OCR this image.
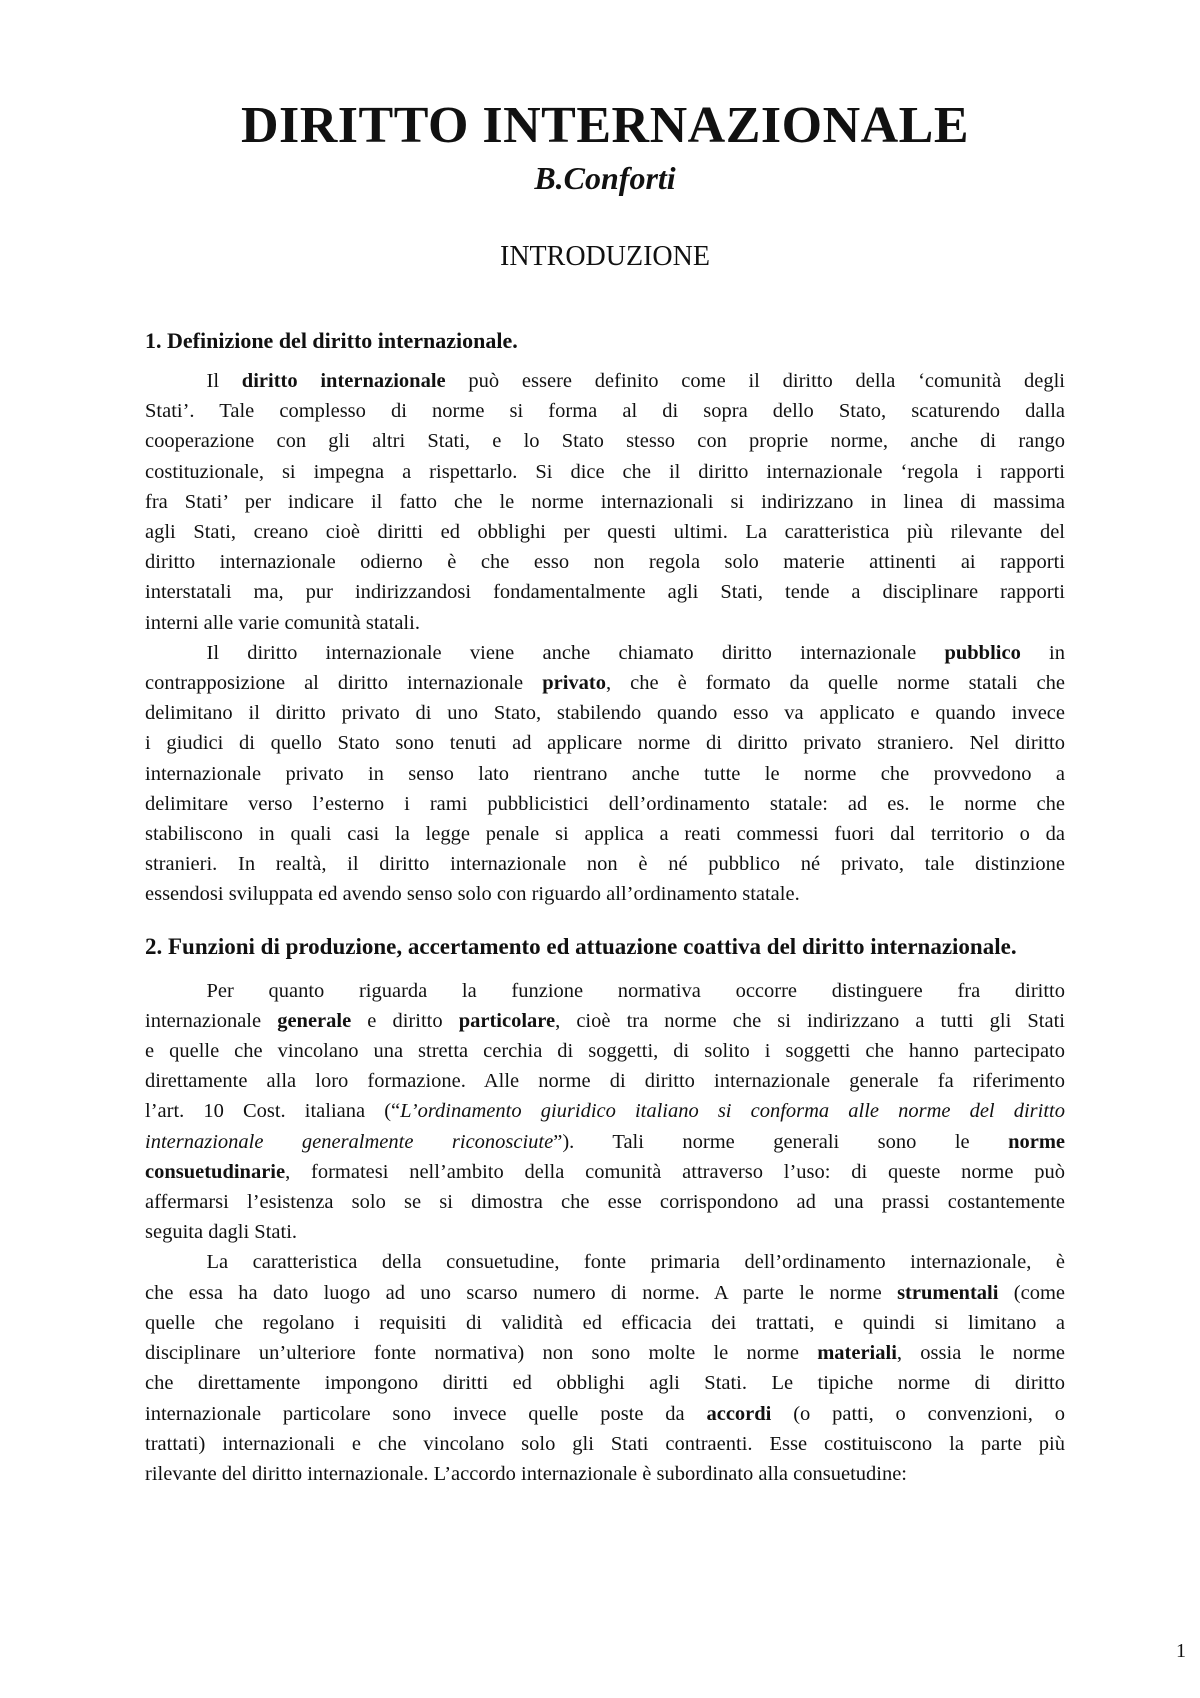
DIRITTO INTERNAZIONALE
B.Conforti
INTRODUZIONE
1. Definizione del diritto internazionale.
   Il diritto internazionale può essere definito come il diritto della ‘comunità degli
Stati’. Tale complesso di norme si forma al di sopra dello Stato, scaturendo dalla
cooperazione con gli altri Stati, e lo Stato stesso con proprie norme, anche di rango
costituzionale, si impegna a rispettarlo. Si dice che il diritto internazionale ‘regola i rapporti
fra Stati’ per indicare il fatto che le norme internazionali si indirizzano in linea di massima
agli Stati, creano cioè diritti ed obblighi per questi ultimi. La caratteristica più rilevante del
diritto internazionale odierno è che esso non regola solo materie attinenti ai rapporti
interstatali ma, pur indirizzandosi fondamentalmente agli Stati, tende a disciplinare rapporti
interni alle varie comunità statali.
   Il diritto internazionale viene anche chiamato diritto internazionale pubblico in
contrapposizione al diritto internazionale privato, che è formato da quelle norme statali che
delimitano il diritto privato di uno Stato, stabilendo quando esso va applicato e quando invece
i giudici di quello Stato sono tenuti ad applicare norme di diritto privato straniero. Nel diritto
internazionale privato in senso lato rientrano anche tutte le norme che provvedono a
delimitare verso l’esterno i rami pubblicistici dell’ordinamento statale: ad es. le norme che
stabiliscono in quali casi la legge penale si applica a reati commessi fuori dal territorio o da
stranieri. In realtà, il diritto internazionale non è né pubblico né privato, tale distinzione
essendosi sviluppata ed avendo senso solo con riguardo all’ordinamento statale.
2. Funzioni di produzione, accertamento ed attuazione coattiva del diritto internazionale.
   Per quanto riguarda la funzione normativa occorre distinguere fra diritto
internazionale generale e diritto particolare, cioè tra norme che si indirizzano a tutti gli Stati
e quelle che vincolano una stretta cerchia di soggetti, di solito i soggetti che hanno partecipato
direttamente alla loro formazione. Alle norme di diritto internazionale generale fa riferimento
l’art. 10 Cost. italiana (“L’ordinamento giuridico italiano si conforma alle norme del diritto
internazionale generalmente riconosciute”). Tali norme generali sono le norme
consuetudinarie, formatesi nell’ambito della comunità attraverso l’uso: di queste norme può
affermarsi l’esistenza solo se si dimostra che esse corrispondono ad una prassi costantemente
seguita dagli Stati.
   La caratteristica della consuetudine, fonte primaria dell’ordinamento internazionale, è
che essa ha dato luogo ad uno scarso numero di norme. A parte le norme strumentali (come
quelle che regolano i requisiti di validità ed efficacia dei trattati, e quindi si limitano a
disciplinare un’ulteriore fonte normativa) non sono molte le norme materiali, ossia le norme
che direttamente impongono diritti ed obblighi agli Stati. Le tipiche norme di diritto
internazionale particolare sono invece quelle poste da accordi (o patti, o convenzioni, o
trattati) internazionali e che vincolano solo gli Stati contraenti. Esse costituiscono la parte più
rilevante del diritto internazionale. L’accordo internazionale è subordinato alla consuetudine:
1
